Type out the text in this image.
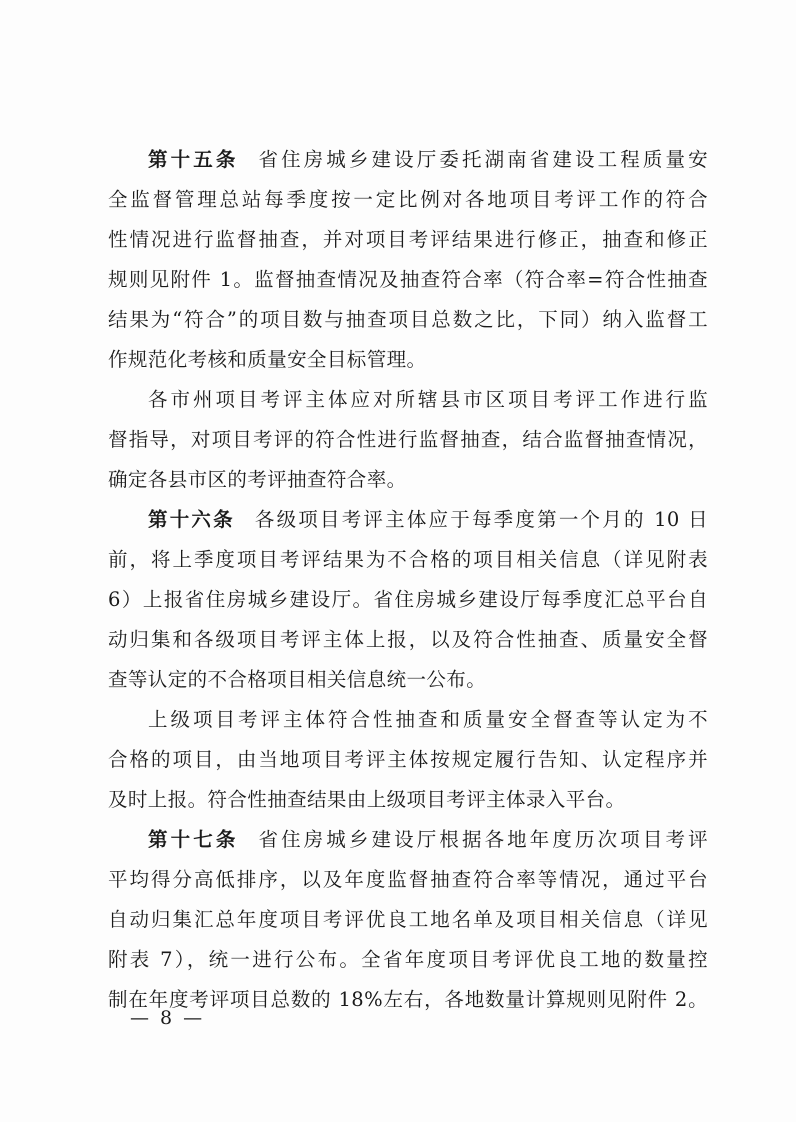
第十五条 省住房城乡建设厅委托湖南省建设工程质量安
全监督管理总站每季度按一定比例对各地项目考评工作的符合
性情况进行监督抽查，并对项目考评结果进行修正，抽查和修正
规则见附件 1。监督抽查情况及抽查符合率（符合率=符合性抽查
结果为“符合”的项目数与抽查项目总数之比，下同）纳入监督工
作规范化考核和质量安全目标管理。
各市州项目考评主体应对所辖县市区项目考评工作进行监
督指导，对项目考评的符合性进行监督抽查，结合监督抽查情况，
确定各县市区的考评抽查符合率。
第十六条 各级项目考评主体应于每季度第一个月的 10 日
前，将上季度项目考评结果为不合格的项目相关信息（详见附表
6）上报省住房城乡建设厅。省住房城乡建设厅每季度汇总平台自
动归集和各级项目考评主体上报，以及符合性抽查、质量安全督
查等认定的不合格项目相关信息统一公布。
上级项目考评主体符合性抽查和质量安全督查等认定为不
合格的项目，由当地项目考评主体按规定履行告知、认定程序并
及时上报。符合性抽查结果由上级项目考评主体录入平台。
第十七条 省住房城乡建设厅根据各地年度历次项目考评
平均得分高低排序，以及年度监督抽查符合率等情况，通过平台
自动归集汇总年度项目考评优良工地名单及项目相关信息（详见
附表 7），统一进行公布。全省年度项目考评优良工地的数量控
制在年度考评项目总数的 18%左右，各地数量计算规则见附件 2。
— 8 —
